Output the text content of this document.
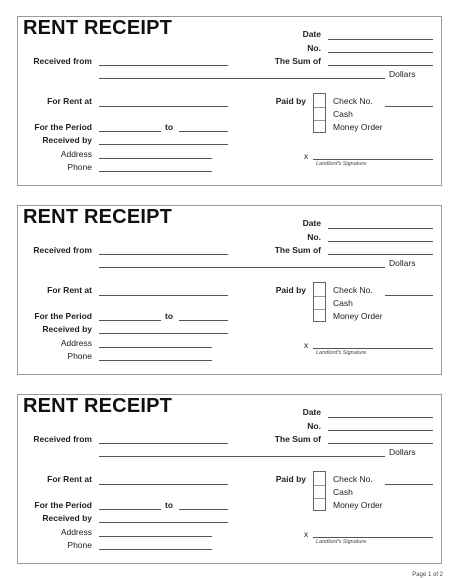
RENT RECEIPT	Date
No.
Received from	The Sum of
Dollars
For Rent at	Paid by	Check No.
Cash
Money Order
For the Period	to
Received by
Address
Phone
x
Landlord's Signature
RENT RECEIPT	Date
No.
Received from	The Sum of
Dollars
For Rent at	Paid by	Check No.
Cash
Money Order
For the Period	to
Received by
Address
Phone
x
Landlord's Signature
RENT RECEIPT	Date
No.
Received from	The Sum of
Dollars
For Rent at	Paid by	Check No.
Cash
Money Order
For the Period	to
Received by
Address
Phone
x
Landlord's Signature
Page 1 of 2
